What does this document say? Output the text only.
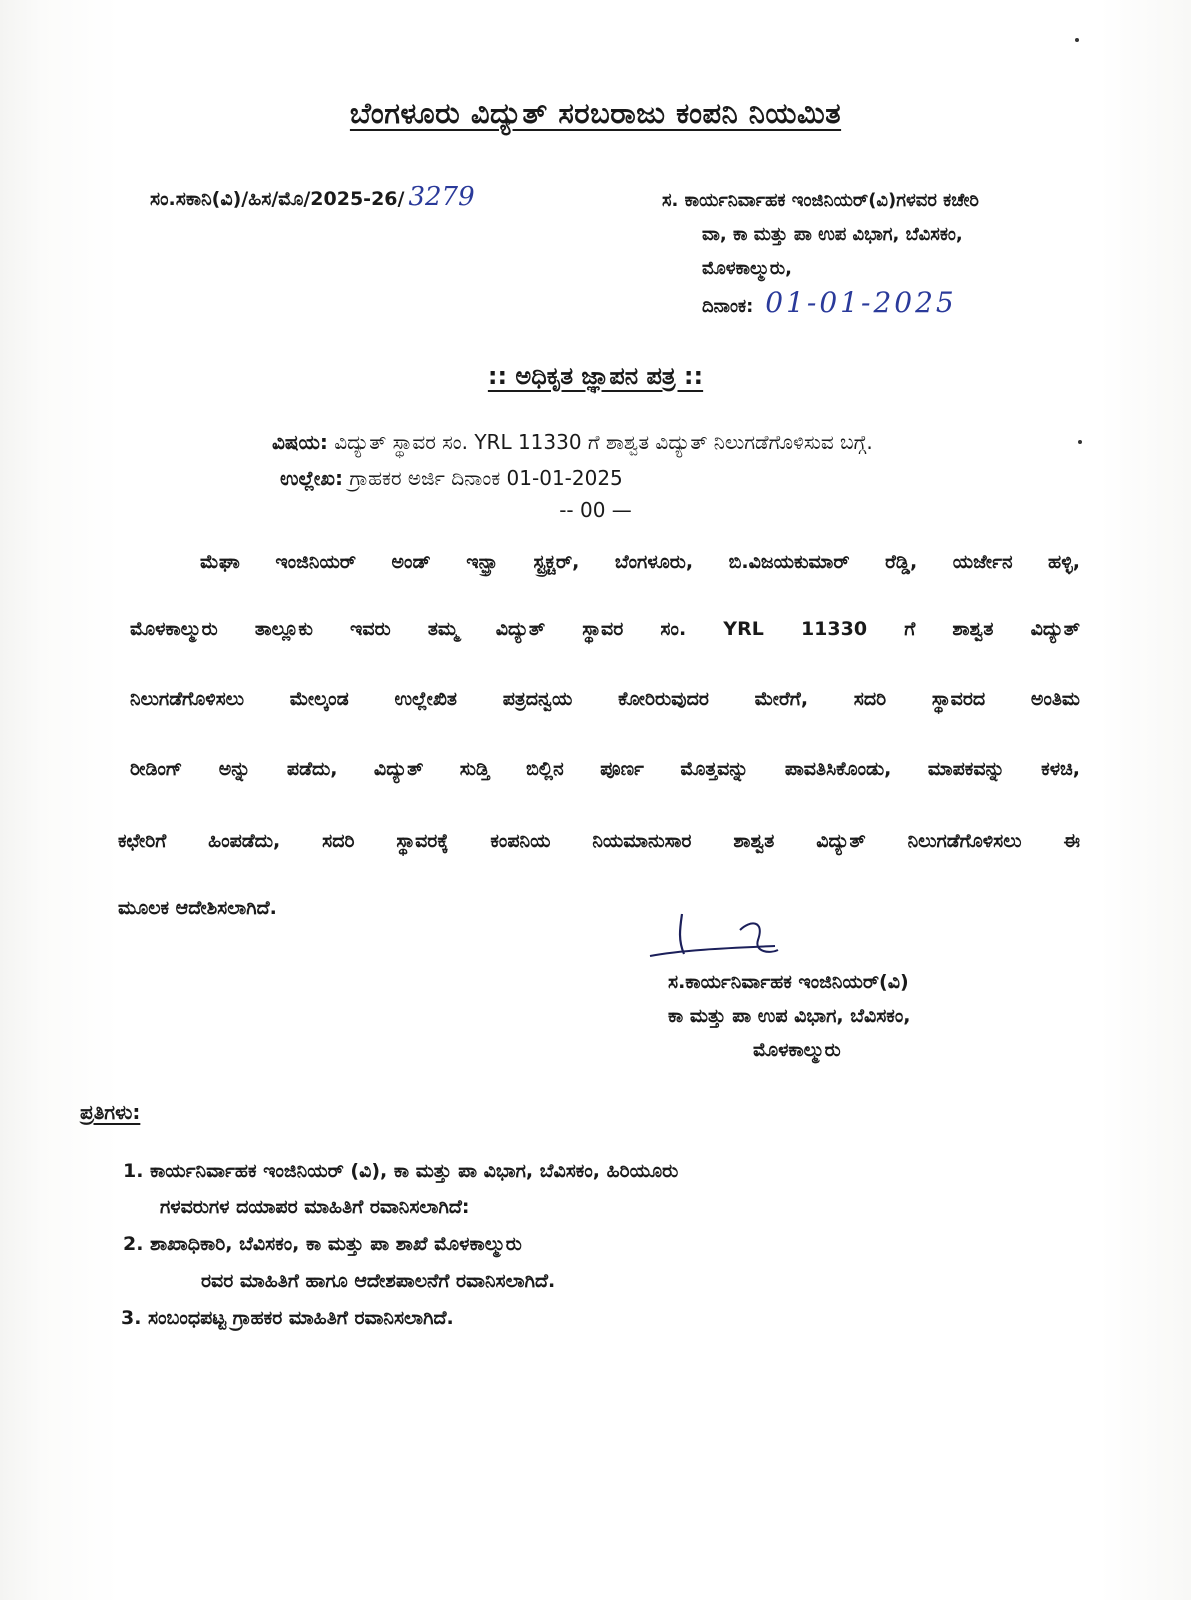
ಬೆಂಗಳೂರು ವಿದ್ಯುತ್ ಸರಬರಾಜು ಕಂಪನಿ ನಿಯಮಿತ
ಸಂ.ಸಕಾನಿ(ವಿ)/ಹಿಸ/ಮೊ/2025-26/ 3279	ಸ. ಕಾರ್ಯನಿರ್ವಾಹಕ ಇಂಜಿನಿಯರ್(ವಿ)ಗಳವರ ಕಚೇರಿ
ವಾ, ಕಾ ಮತ್ತು ಪಾ ಉಪ ವಿಭಾಗ, ಬೆವಿಸಕಂ,
ಮೊಳಕಾಲ್ಮುರು,
ದಿನಾಂಕ: 01-01-2025
:: ಅಧಿಕೃತ ಜ್ಞಾಪನ ಪತ್ರ ::
ವಿಷಯ: ವಿದ್ಯುತ್ ಸ್ಥಾವರ ಸಂ. YRL 11330 ಗೆ ಶಾಶ್ವತ ವಿದ್ಯುತ್ ನಿಲುಗಡೆಗೊಳಿಸುವ ಬಗ್ಗೆ.
ಉಲ್ಲೇಖ: ಗ್ರಾಹಕರ ಅರ್ಜಿ ದಿನಾಂಕ 01-01-2025
-- 00 —
ಮೆಘಾ ಇಂಜಿನಿಯರ್ ಅಂಡ್ ಇನ್ಫ್ರಾ ಸ್ಟ್ರಕ್ಚರ್, ಬೆಂಗಳೂರು, ಬಿ.ವಿಜಯಕುಮಾರ್ ರೆಡ್ಡಿ, ಯರ್ಜೇನ ಹಳ್ಳಿ,
ಮೊಳಕಾಲ್ಮುರು ತಾಲ್ಲೂಕು ಇವರು ತಮ್ಮ ವಿದ್ಯುತ್ ಸ್ಥಾವರ ಸಂ. YRL 11330 ಗೆ ಶಾಶ್ವತ ವಿದ್ಯುತ್
ನಿಲುಗಡೆಗೊಳಿಸಲು ಮೇಲ್ಕಂಡ ಉಲ್ಲೇಖಿತ ಪತ್ರದನ್ವಯ ಕೋರಿರುವುದರ ಮೇರೆಗೆ, ಸದರಿ ಸ್ಥಾವರದ ಅಂತಿಮ
ರೀಡಿಂಗ್ ಅನ್ನು ಪಡೆದು, ವಿದ್ಯುತ್ ಸುಡ್ತಿ ಬಿಲ್ಲಿನ ಪೂರ್ಣ ಮೊತ್ತವನ್ನು ಪಾವತಿಸಿಕೊಂಡು, ಮಾಪಕವನ್ನು ಕಳಚಿ,
ಕಛೇರಿಗೆ ಹಿಂಪಡೆದು, ಸದರಿ ಸ್ಥಾವರಕ್ಕೆ ಕಂಪನಿಯ ನಿಯಮಾನುಸಾರ ಶಾಶ್ವತ ವಿದ್ಯುತ್ ನಿಲುಗಡೆಗೊಳಿಸಲು ಈ
ಮೂಲಕ ಆದೇಶಿಸಲಾಗಿದೆ.
ಸ.ಕಾರ್ಯನಿರ್ವಾಹಕ ಇಂಜಿನಿಯರ್(ವಿ)
ಕಾ ಮತ್ತು ಪಾ ಉಪ ವಿಭಾಗ, ಬೆವಿಸಕಂ,
ಮೊಳಕಾಲ್ಮುರು
ಪ್ರತಿಗಳು:
1. ಕಾರ್ಯನಿರ್ವಾಹಕ ಇಂಜಿನಿಯರ್ (ವಿ), ಕಾ ಮತ್ತು ಪಾ ವಿಭಾಗ, ಬೆವಿಸಕಂ, ಹಿರಿಯೂರು
ಗಳವರುಗಳ ದಯಾಪರ ಮಾಹಿತಿಗೆ ರವಾನಿಸಲಾಗಿದೆ:
2. ಶಾಖಾಧಿಕಾರಿ, ಬೆವಿಸಕಂ, ಕಾ ಮತ್ತು ಪಾ ಶಾಖೆ ಮೊಳಕಾಲ್ಮುರು
ರವರ ಮಾಹಿತಿಗೆ ಹಾಗೂ ಆದೇಶಪಾಲನೆಗೆ ರವಾನಿಸಲಾಗಿದೆ.
3. ಸಂಬಂಧಪಟ್ಟ ಗ್ರಾಹಕರ ಮಾಹಿತಿಗೆ ರವಾನಿಸಲಾಗಿದೆ.
